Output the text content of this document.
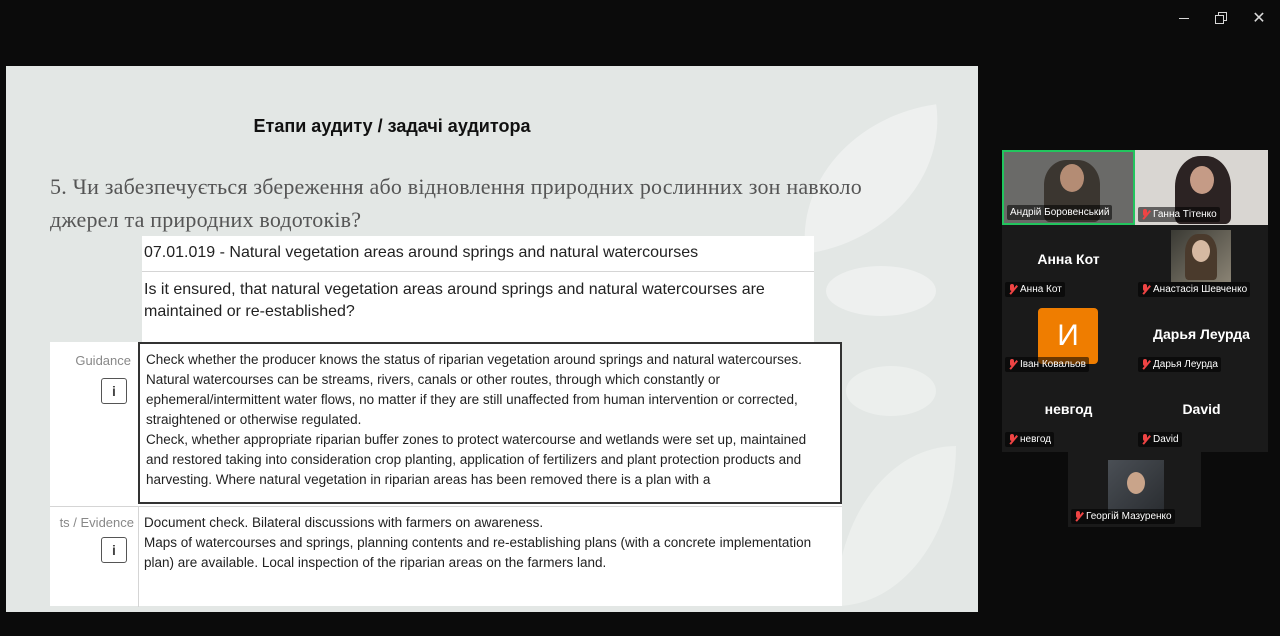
✕
Етапи аудиту / задачі аудитора
5. Чи забезпечується збереження або відновлення природних рослинних зон навколо джерел та природних водотоків?
07.01.019 - Natural vegetation areas around springs and natural watercourses
Is it ensured, that natural vegetation areas around springs and natural watercourses are maintained or re-established?
Guidance
i
Check whether the producer knows the status of riparian vegetation around springs and natural watercourses.
Natural watercourses can be streams, rivers, canals or other routes, through which constantly or ephemeral/intermittent water flows, no matter if they are still unaffected from human intervention or corrected, straightened or otherwise regulated.
Check, whether appropriate riparian buffer zones to protect watercourse and wetlands were set up, maintained and restored taking into consideration crop planting, application of fertilizers and plant protection products and harvesting. Where natural vegetation in riparian areas has been removed there is a plan with a
ts / Evidence
i
Document check. Bilateral discussions with farmers on awareness.
Maps of watercourses and springs, planning contents and re-establishing plans (with a concrete implementation plan) are available. Local inspection of the riparian areas on the farmers land.
Андрій Боровенський	Ганна Тітенко
Анна Кот
Анна Кот	Анастасія Шевченко
И
Іван Ковальов
Дарья Леурда
Дарья Леурда
невгод
невгод
David
David
Георгій Мазуренко
